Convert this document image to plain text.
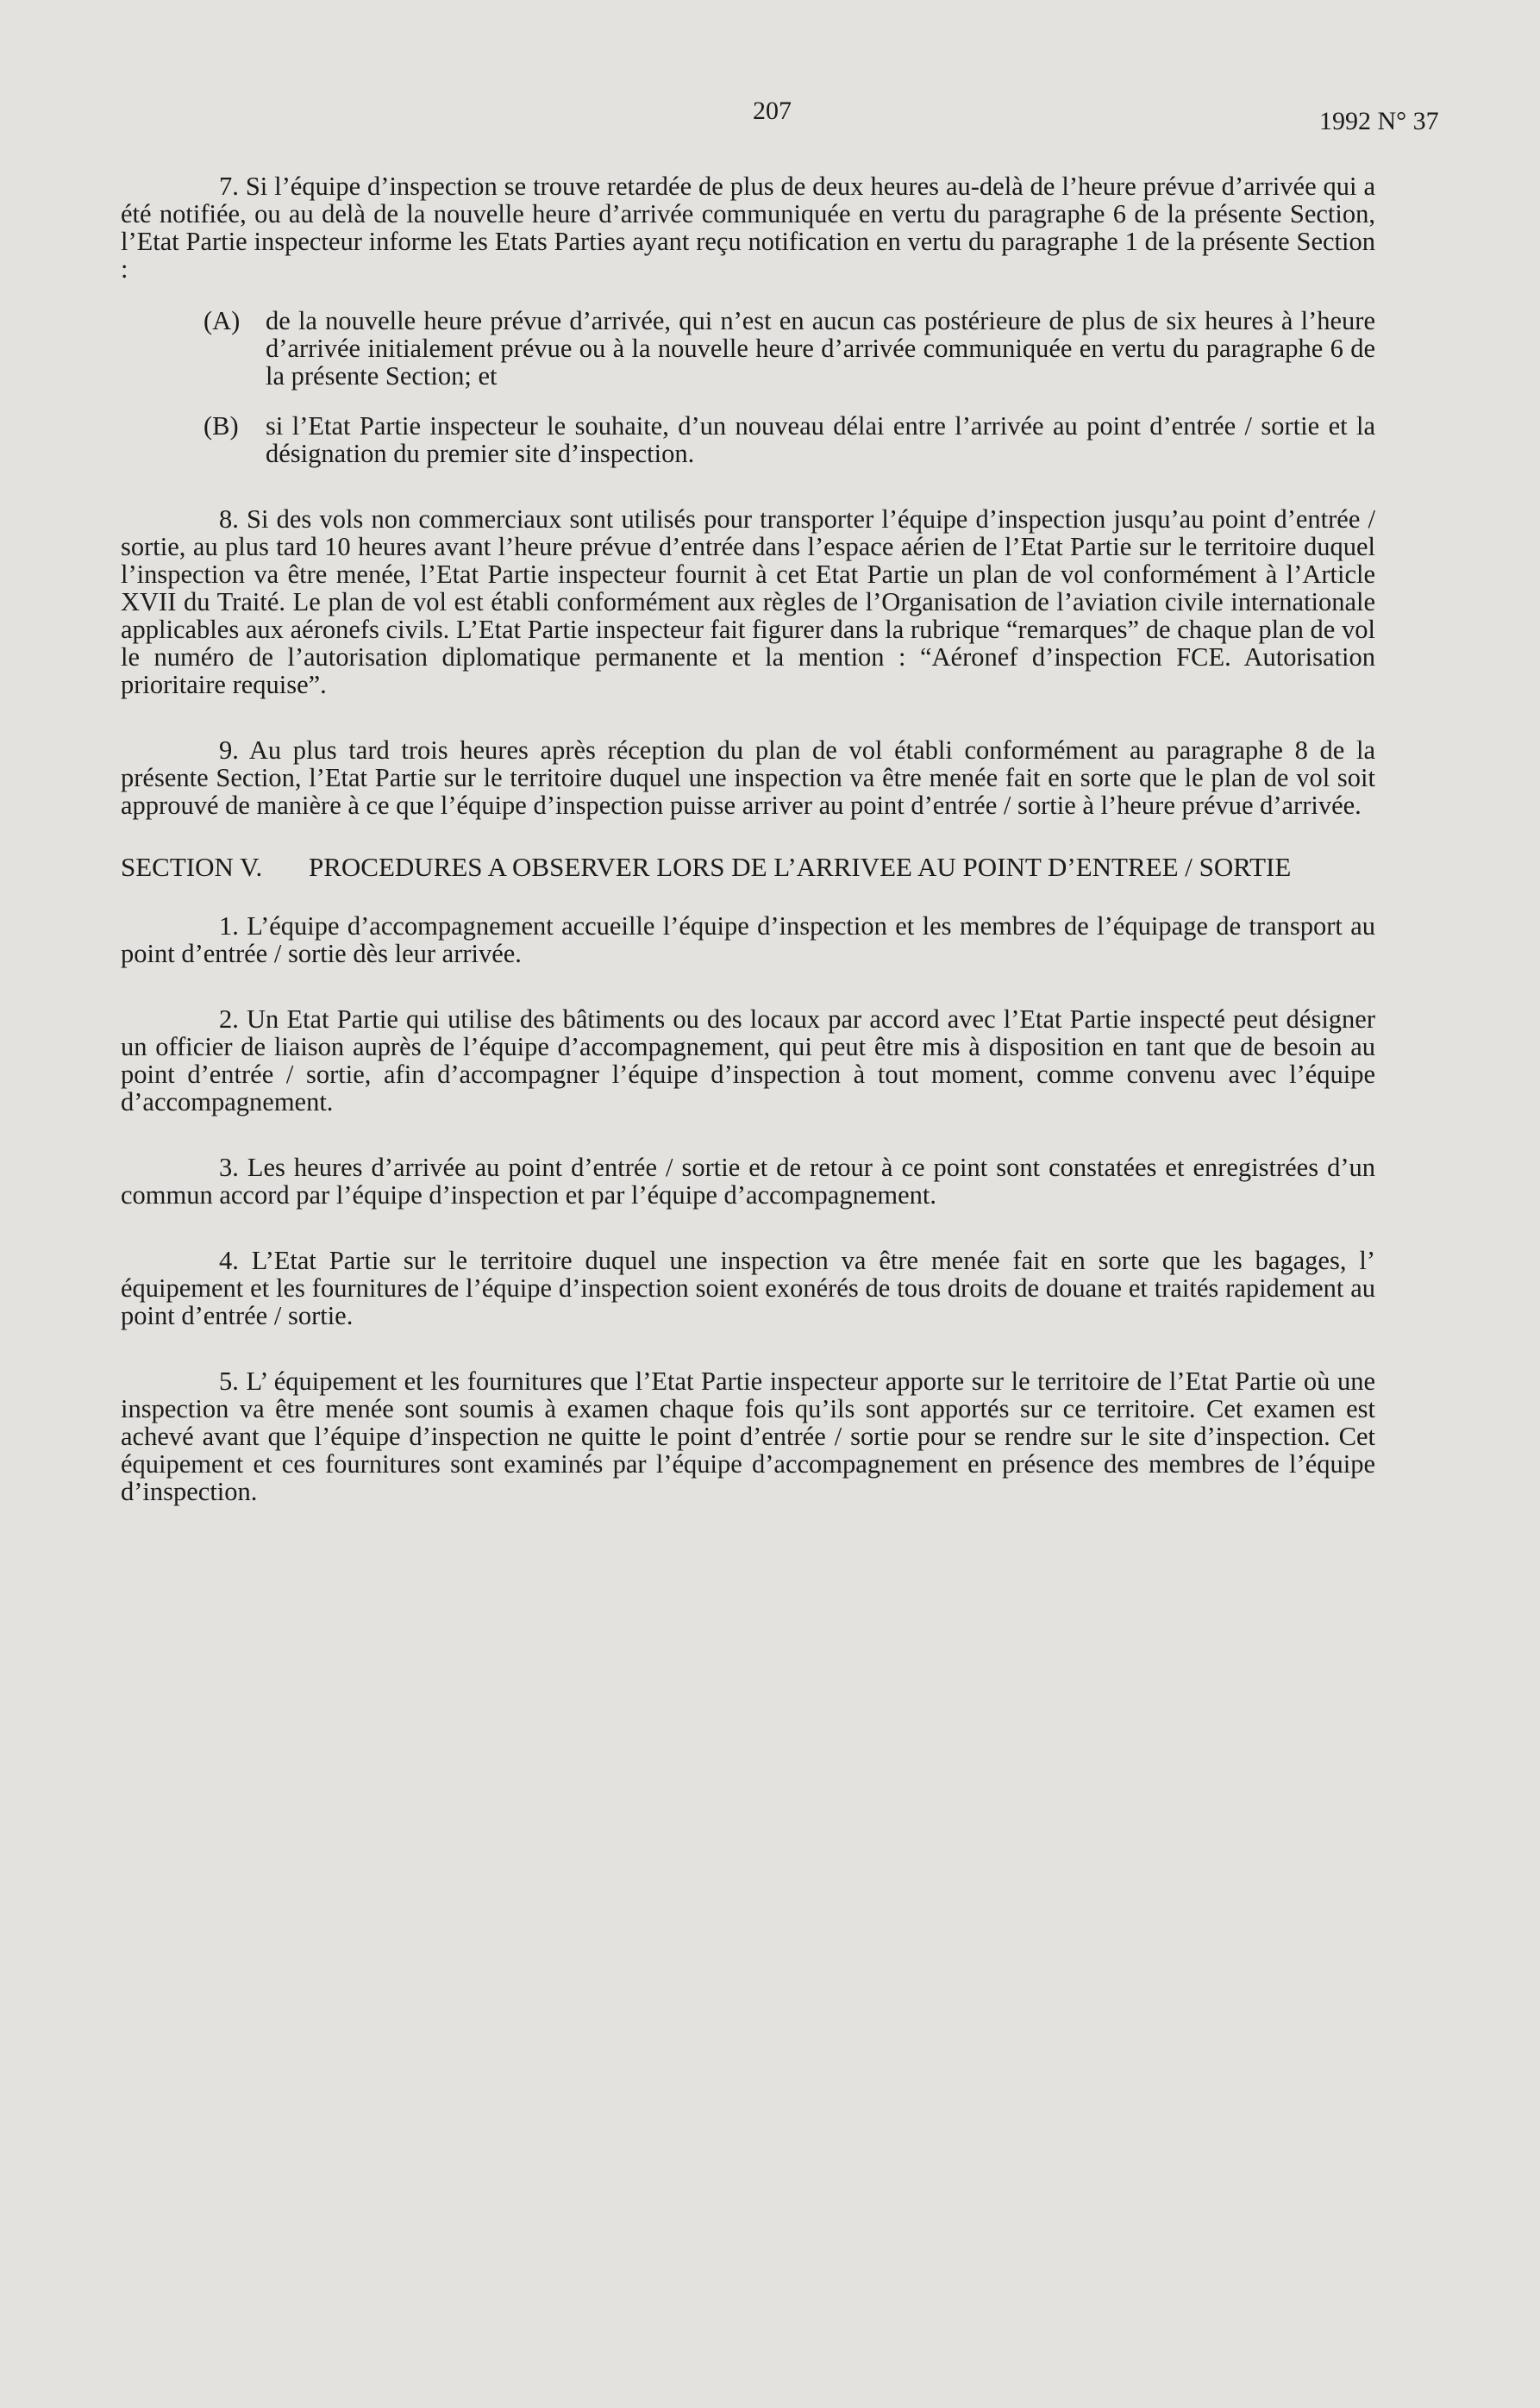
207	1992 N° 37

7. Si l’équipe d’inspection se trouve retardée de plus de deux heures au-delà de l’heure prévue d’arrivée qui a été notifiée, ou au delà de la nouvelle heure d’arrivée communiquée en vertu du paragraphe 6 de la présente Section, l’Etat Partie inspecteur informe les Etats Parties ayant reçu notification en vertu du paragraphe 1 de la présente Section :

(A) de la nouvelle heure prévue d’arrivée, qui n’est en aucun cas postérieure de plus de six heures à l’heure d’arrivée initialement prévue ou à la nouvelle heure d’arrivée communiquée en vertu du paragraphe 6 de la présente Section; et
(B)	si l’Etat Partie inspecteur le souhaite, d’un nouveau délai entre l’arrivée au point d’entrée / sortie et la désignation du premier site d’inspection.

8. Si des vols non commerciaux sont utilisés pour transporter l’équipe d’inspection jusqu’au point d’entrée / sortie, au plus tard 10 heures avant l’heure prévue d’entrée dans l’espace aérien de l’Etat Partie sur le territoire duquel l’inspection va être menée, l’Etat Partie inspecteur fournit à cet Etat Partie un plan de vol conformément à l’Article XVII du Traité. Le plan de vol est établi conformément aux règles de l’Organisation de l’aviation civile internationale applicables aux aéronefs civils. L’Etat Partie inspecteur fait figurer dans la rubrique “remarques” de chaque plan de vol le numéro de l’autorisation diplomatique permanente et la mention : “Aéronef d’inspection FCE. Autorisation prioritaire requise”.

9. Au plus tard trois heures après réception du plan de vol établi conformément au paragraphe 8 de la présente Section, l’Etat Partie sur le territoire duquel une inspection va être menée fait en sorte que le plan de vol soit approuvé de manière à ce que l’équipe d’inspection puisse arriver au point d’entrée / sortie à l’heure prévue d’arrivée.

SECTION V.	PROCEDURES A OBSERVER LORS DE L’ARRIVEE AU POINT D’ENTREE / SORTIE

1. L’équipe d’accompagnement accueille l’équipe d’inspection et les membres de l’équipage de transport au point d’entrée / sortie dès leur arrivée.

2. Un Etat Partie qui utilise des bâtiments ou des locaux par accord avec l’Etat Partie inspecté peut désigner un officier de liaison auprès de l’équipe d’accompagnement, qui peut être mis à disposition en tant que de besoin au point d’entrée / sortie, afin d’accompagner l’équipe d’inspection à tout moment, comme convenu avec l’équipe d’accompagnement.

3. Les heures d’arrivée au point d’entrée / sortie et de retour à ce point sont constatées et enregistrées d’un commun accord par l’équipe d’inspection et par l’équipe d’accompagnement.

4. L’Etat Partie sur le territoire duquel une inspection va être menée fait en sorte que les bagages, l’ équipement et les fournitures de l’équipe d’inspection soient exonérés de tous droits de douane et traités rapidement au point d’entrée / sortie.

5. L’ équipement et les fournitures que l’Etat Partie inspecteur apporte sur le territoire de l’Etat Partie où une inspection va être menée sont soumis à examen chaque fois qu’ils sont apportés sur ce territoire. Cet examen est achevé avant que l’équipe d’inspection ne quitte le point d’entrée / sortie pour se rendre sur le site d’inspection. Cet équipement et ces fournitures sont examinés par l’équipe d’accompagnement en présence des membres de l’équipe d’inspection.
